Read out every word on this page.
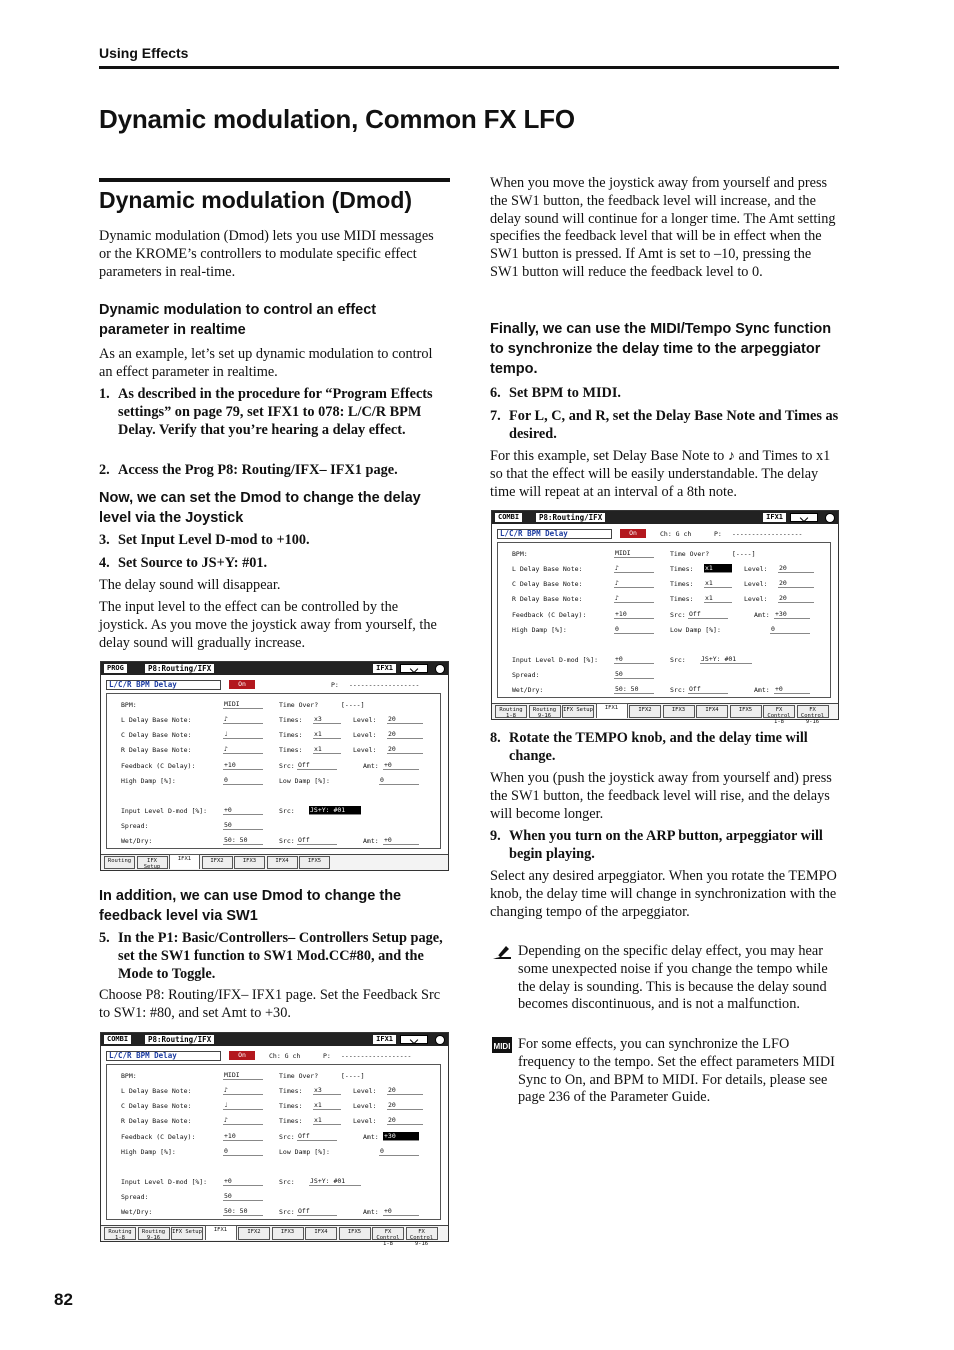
Using Effects
Dynamic modulation, Common FX LFO
Dynamic modulation (Dmod)

Dynamic modulation (Dmod) lets you use MIDI messages or the KROME’s controllers to modulate specific effect parameters in real-time.

Dynamic modulation to control an effect parameter in realtime

As an example, let’s set up dynamic modulation to control an effect parameter in realtime.

1. As described in the procedure for “Program Effects settings” on page 79, set IFX1 to 078: L/C/R BPM Delay. Verify that you’re hearing a delay effect.
2. Access the Prog P8: Routing/IFX– IFX1 page.
Now, we can set the Dmod to change the delay level via the Joystick
3. Set Input Level D-mod to +100.
4. Set Source to JS+Y: #01.

The delay sound will disappear.

The input level to the effect can be controlled by the joystick. As you move the joystick away from yourself, the delay sound will gradually increase.

PROG	P8:Routing/IFX	IFX1
L/C/R BPM Delay	On	P: ------------------
BPM:	MIDI	Time Over?	[----]
L Delay Base Note:	♪	Times: x3	Level: 20
C Delay Base Note:	♩	Times: x1	Level: 20
R Delay Base Note:	♪	Times: x1	Level: 20
Feedback (C Delay):	+10	Src: Off	Amt: +0
High Damp [%]:	0	Low Damp [%]:	0
Input Level D-mod [%]:	+0	Src: JS+Y: #01
Spread:	50
Wet/Dry:	50: 50	Src: Off	Amt: +0
Routing	IFX Setup
IFX1	IFX2	IFX3	IFX4	IFX5
In addition, we can use Dmod to change the feedback level via SW1
5. In the P1: Basic/Controllers– Controllers Setup page, set the SW1 function to SW1 Mod.CC#80, and the Mode to Toggle.

Choose P8: Routing/IFX– IFX1 page. Set the Feedback Src to SW1: #80, and set Amt to +30.

COMBI	P8:Routing/IFX	IFX1
L/C/R BPM Delay	On	Ch: G ch	P: ------------------
BPM:	MIDI	Time Over?	[----]
L Delay Base Note:	♪	Times: x3	Level: 20
C Delay Base Note:	♩	Times: x1	Level: 20
R Delay Base Note:	♪	Times: x1	Level: 20
Feedback (C Delay):	+10	Src: Off	Amt: +30
High Damp [%]:	0	Low Damp [%]:	0
Input Level D-mod [%]:	+0	Src: JS+Y: #01
Spread:	50
Wet/Dry:	50: 50	Src: Off	Amt: +0
Routing 1-8
Routing 9-16
IFX Setup	IFX1	IFX2	IFX3	IFX4	IFX5	FX Control 1-8
FX Control 9-16

When you move the joystick away from yourself and press the SW1 button, the feedback level will increase, and the delay sound will continue for a longer time. The Amt setting specifies the feedback level that will be in effect when the SW1 button is pressed. If Amt is set to –10, pressing the SW1 button will reduce the feedback level to 0.

Finally, we can use the MIDI/Tempo Sync function to synchronize the delay time to the arpeggiator tempo.
6. Set BPM to MIDI.
7. For L, C, and R, set the Delay Base Note and Times as desired.

For this example, set Delay Base Note to ♪ and Times to x1 so that the effect will be easily understandable. The delay time will repeat at an interval of a 8th note.

COMBI	P8:Routing/IFX	IFX1
L/C/R BPM Delay	On	Ch: G ch	P: ------------------
BPM:	MIDI	Time Over?	[----]
L Delay Base Note:	♪	Times: x1	Level: 20
C Delay Base Note:	♪	Times: x1	Level: 20
R Delay Base Note:	♪	Times: x1	Level: 20
Feedback (C Delay):	+10	Src: Off	Amt: +30
High Damp [%]:	0	Low Damp [%]:	0
Input Level D-mod [%]:	+0	Src: JS+Y: #01
Spread:	50
Wet/Dry:	50: 50	Src: Off	Amt: +0
Routing 1-8
Routing 9-16
IFX Setup	IFX1	IFX2	IFX3	IFX4	IFX5	FX Control 1-8
FX Control 9-16
8. Rotate the TEMPO knob, and the delay time will change.

When you (push the joystick away from yourself and) press the SW1 button, the feedback level will rise, and the delays will become longer.

9. When you turn on the ARP button, arpeggiator will begin playing.

Select any desired arpeggiator. When you rotate the TEMPO knob, the delay time will change in synchronization with the changing tempo of the arpeggiator.

Depending on the specific delay effect, you may hear some unexpected noise if you change the tempo while the delay is sounding. This is because the delay sound becomes discontinuous, and is not a malfunction.
MIDI For some effects, you can synchronize the LFO frequency to the tempo. Set the effect parameters MIDI Sync to On, and BPM to MIDI. For details, please see page 236 of the Parameter Guide.
82
